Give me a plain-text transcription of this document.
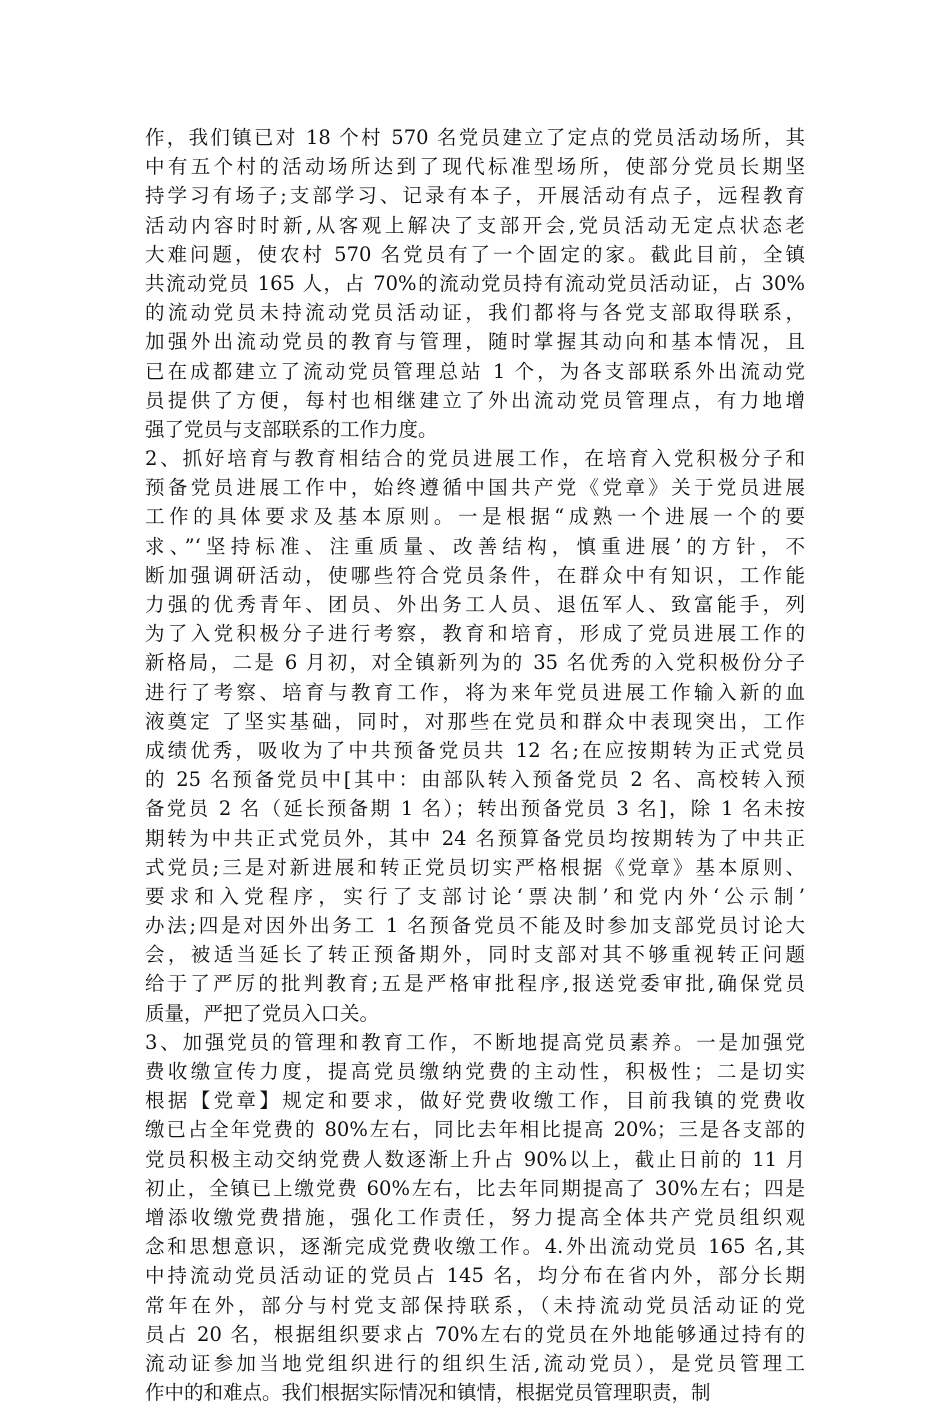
作，我们镇已对 18 个村 570 名党员建立了定点的党员活动场所，其
中有五个村的活动场所达到了现代标准型场所，使部分党员长期坚
持学习有场子;支部学习、记录有本子，开展活动有点子，远程教育
活动内容时时新,从客观上解决了支部开会,党员活动无定点状态老
大难问题，使农村 570 名党员有了一个固定的家。截此目前，全镇
共流动党员 165 人，占 70%的流动党员持有流动党员活动证，占 30%
的流动党员未持流动党员活动证，我们都将与各党支部取得联系，
加强外出流动党员的教育与管理，随时掌握其动向和基本情况，且
已在成都建立了流动党员管理总站 1 个，为各支部联系外出流动党
员提供了方便，每村也相继建立了外出流动党员管理点，有力地增
强了党员与支部联系的工作力度。
2、抓好培育与教育相结合的党员进展工作，在培育入党积极分子和
预备党员进展工作中，始终遵循中国共产党《党章》关于党员进展
工作的具体要求及基本原则。一是根据“成熟一个进展一个的要
求、”‘坚持标准、注重质量、改善结构，慎重进展’的方针，不
断加强调研活动，使哪些符合党员条件，在群众中有知识，工作能
力强的优秀青年、团员、外出务工人员、退伍军人、致富能手，列
为了入党积极分子进行考察，教育和培育，形成了党员进展工作的
新格局，二是 6 月初，对全镇新列为的 35 名优秀的入党积极份分子
进行了考察、培育与教育工作，将为来年党员进展工作输入新的血
液奠定 了坚实基础，同时，对那些在党员和群众中表现突出，工作
成绩优秀，吸收为了中共预备党员共 12 名;在应按期转为正式党员
的 25 名预备党员中[其中：由部队转入预备党员 2 名、高校转入预
备党员 2 名（延长预备期 1 名）；转出预备党员 3 名]，除 1 名未按
期转为中共正式党员外，其中 24 名预算备党员均按期转为了中共正
式党员;三是对新进展和转正党员切实严格根据《党章》基本原则、
要求和入党程序，实行了支部讨论‘票决制’和党内外‘公示制’
办法;四是对因外出务工 1 名预备党员不能及时参加支部党员讨论大
会，被适当延长了转正预备期外，同时支部对其不够重视转正问题
给于了严厉的批判教育;五是严格审批程序,报送党委审批,确保党员
质量，严把了党员入口关。
3、加强党员的管理和教育工作，不断地提高党员素养。一是加强党
费收缴宣传力度，提高党员缴纳党费的主动性，积极性；二是切实
根据【党章】规定和要求，做好党费收缴工作，目前我镇的党费收
缴已占全年党费的 80%左右，同比去年相比提高 20%；三是各支部的
党员积极主动交纳党费人数逐渐上升占 90%以上，截止日前的 11 月
初止，全镇已上缴党费 60%左右，比去年同期提高了 30%左右；四是
增添收缴党费措施，强化工作责任，努力提高全体共产党员组织观
念和思想意识，逐渐完成党费收缴工作。4.外出流动党员 165 名,其
中持流动党员活动证的党员占 145 名，均分布在省内外，部分长期
常年在外，部分与村党支部保持联系，（未持流动党员活动证的党
员占 20 名，根据组织要求占 70%左右的党员在外地能够通过持有的
流动证参加当地党组织进行的组织生活,流动党员），是党员管理工
作中的和难点。我们根据实际情况和镇情，根据党员管理职责，制
